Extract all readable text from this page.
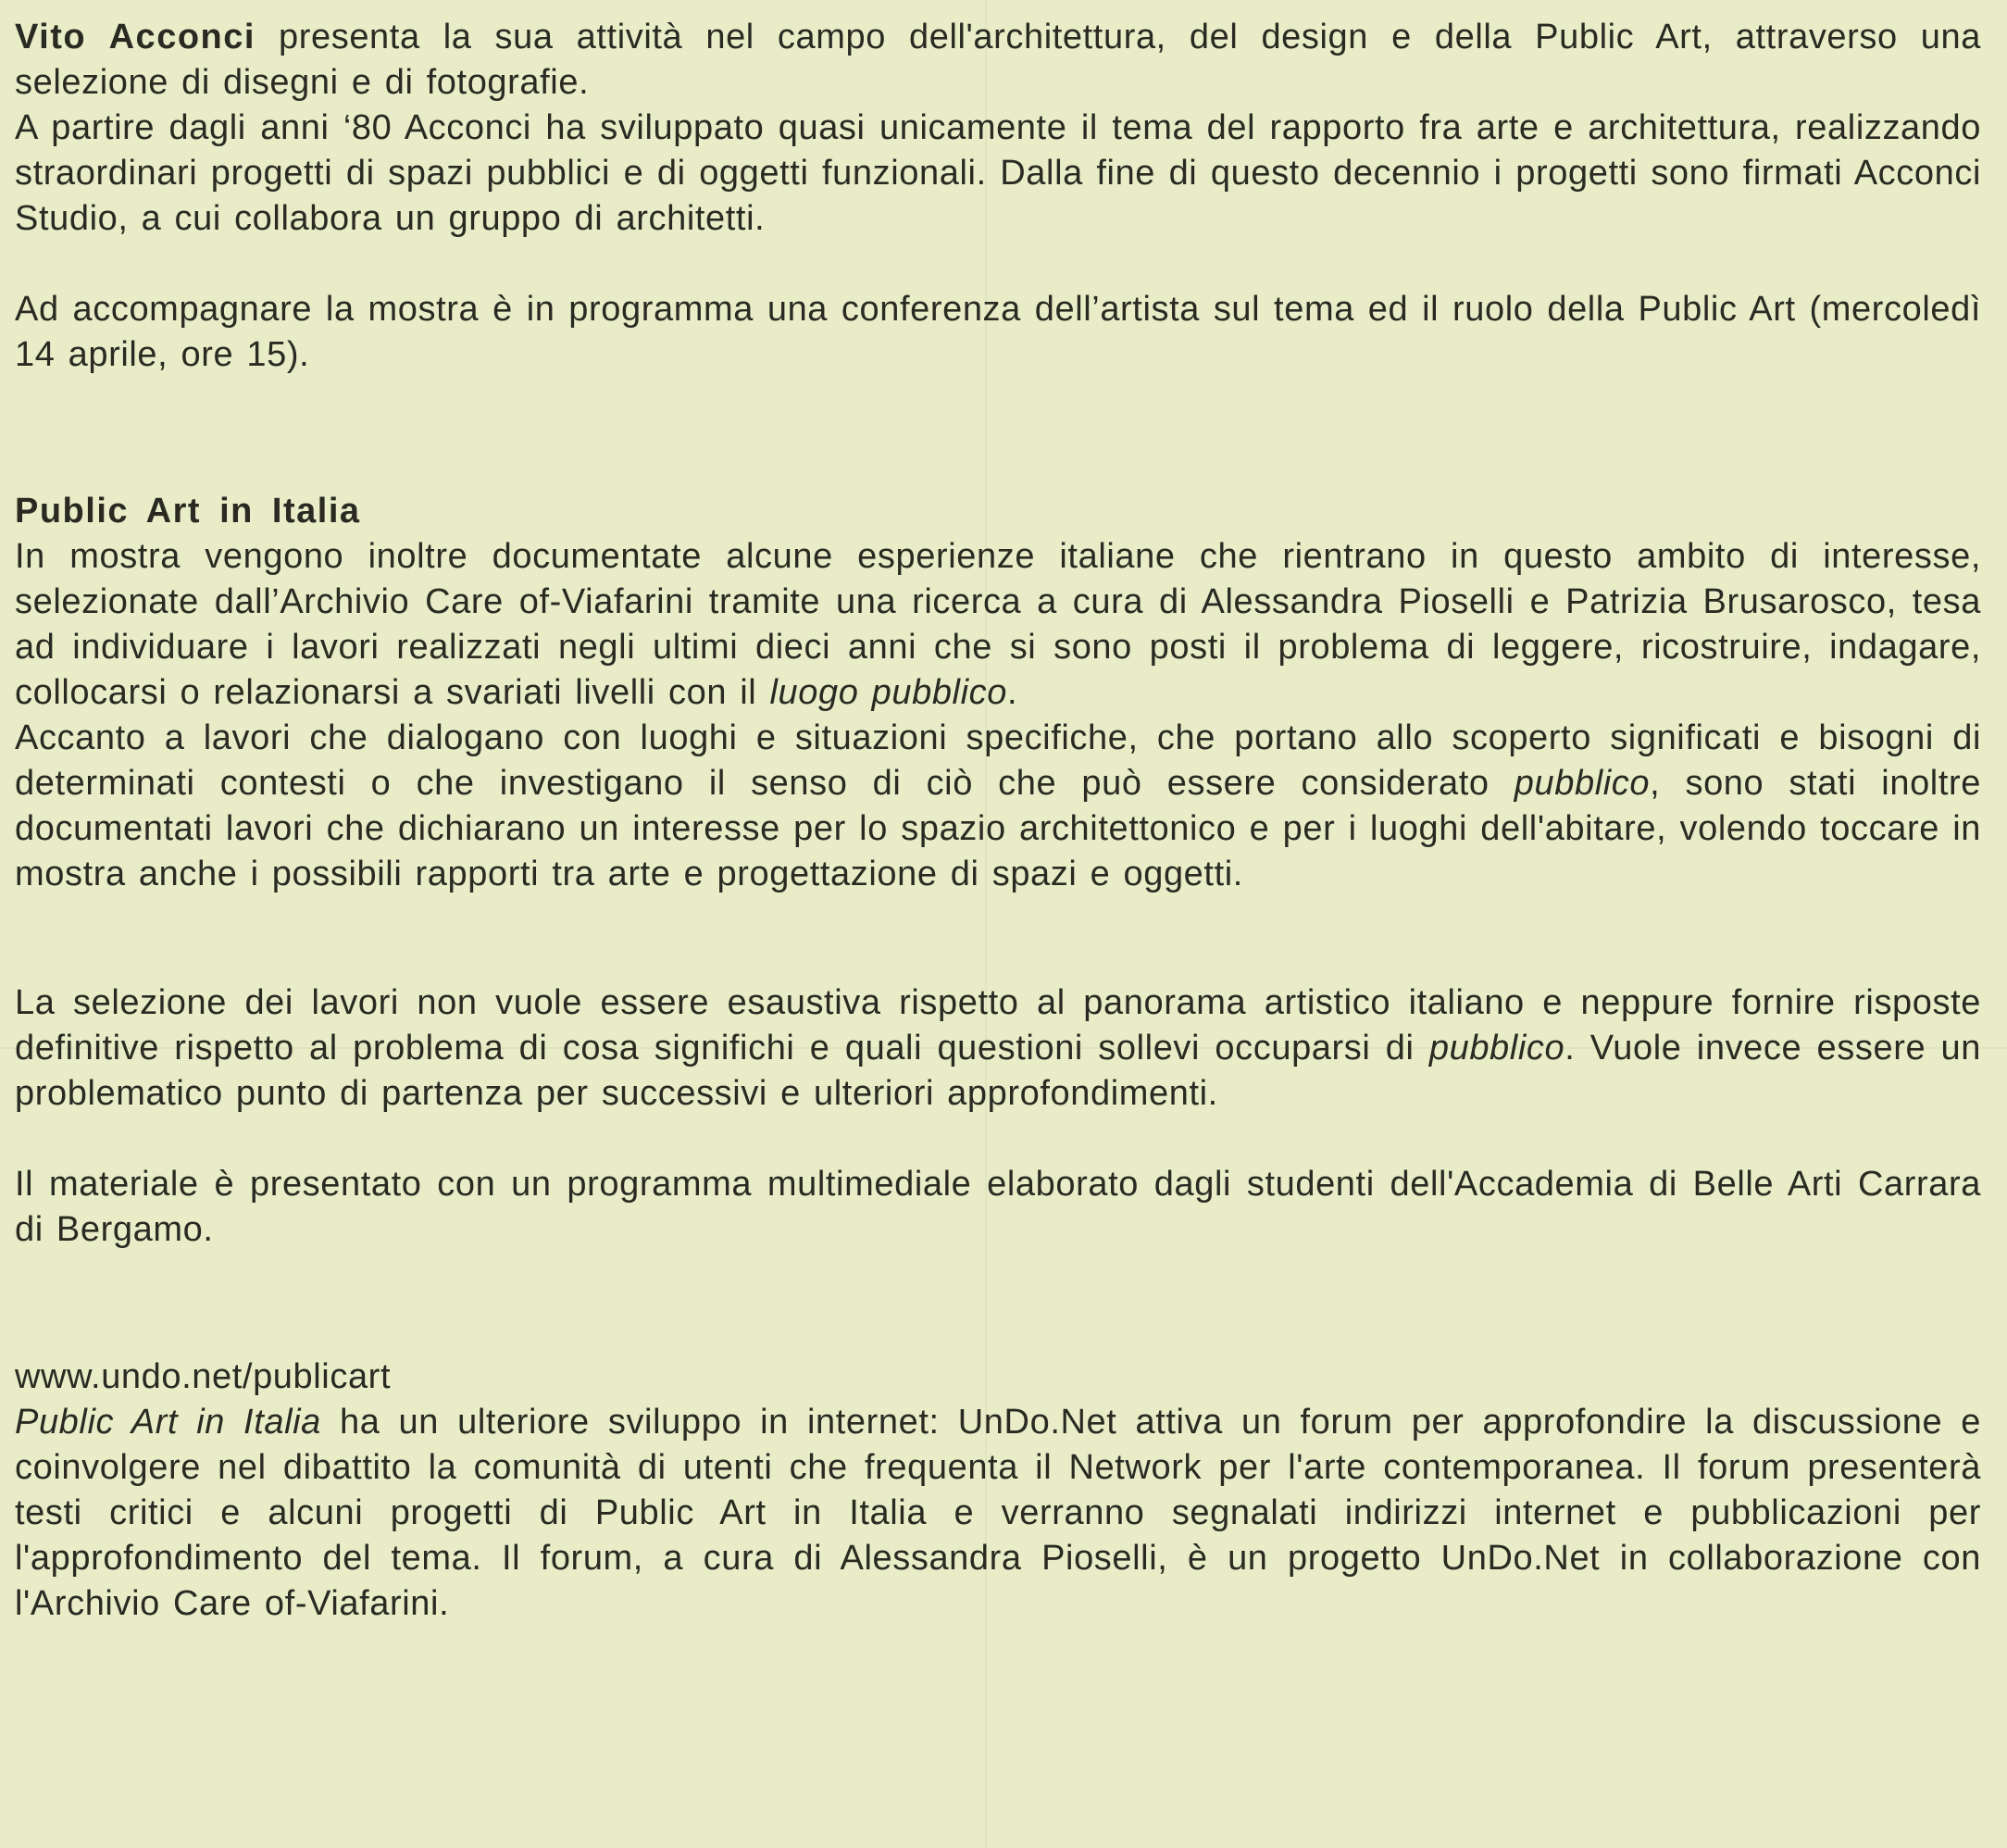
Vito Acconci presenta la sua attività nel campo dell'architettura, del design e della Public Art, attraverso una selezione di disegni e di fotografie.

A partire dagli anni ‘80 Acconci ha sviluppato quasi unicamente il tema del rapporto fra arte e architettura, realizzando straordinari progetti di spazi pubblici e di oggetti funzionali. Dalla fine di questo decennio i progetti sono firmati Acconci Studio, a cui collabora un gruppo di architetti.

Ad accompagnare la mostra è in programma una conferenza dell’artista sul tema ed il ruolo della Public Art (mercoledì 14 aprile, ore 15).

Public Art in Italia

In mostra vengono inoltre documentate alcune esperienze italiane che rientrano in questo ambito di interesse, selezionate dall’Archivio Care of-Viafarini tramite una ricerca a cura di Alessandra Pioselli e Patrizia Brusarosco, tesa ad individuare i lavori realizzati negli ultimi dieci anni che si sono posti il problema di leggere, ricostruire, indagare, collocarsi o relazionarsi a svariati livelli con il luogo pubblico.

Accanto a lavori che dialogano con luoghi e situazioni specifiche, che portano allo scoperto significati e bisogni di determinati contesti o che investigano il senso di ciò che può essere considerato pubblico, sono stati inoltre documentati lavori che dichiarano un interesse per lo spazio architettonico e per i luoghi dell'abitare, volendo toccare in mostra anche i possibili rapporti tra arte e progettazione di spazi e oggetti.

La selezione dei lavori non vuole essere esaustiva rispetto al panorama artistico italiano e neppure fornire risposte definitive rispetto al problema di cosa significhi e quali questioni sollevi occuparsi di pubblico. Vuole invece essere un problematico punto di partenza per successivi e ulteriori approfondimenti.

Il materiale è presentato con un programma multimediale elaborato dagli studenti dell'Accademia di Belle Arti Carrara di Bergamo.

www.undo.net/publicart

Public Art in Italia ha un ulteriore sviluppo in internet: UnDo.Net attiva un forum per approfondire la discussione e coinvolgere nel dibattito la comunità di utenti che frequenta il Network per l'arte contemporanea. Il forum presenterà testi critici e alcuni progetti di Public Art in Italia e verranno segnalati indirizzi internet e pubblicazioni per l'approfondimento del tema. Il forum, a cura di Alessandra Pioselli, è un progetto UnDo.Net in collaborazione con l'Archivio Care of-Viafarini.
